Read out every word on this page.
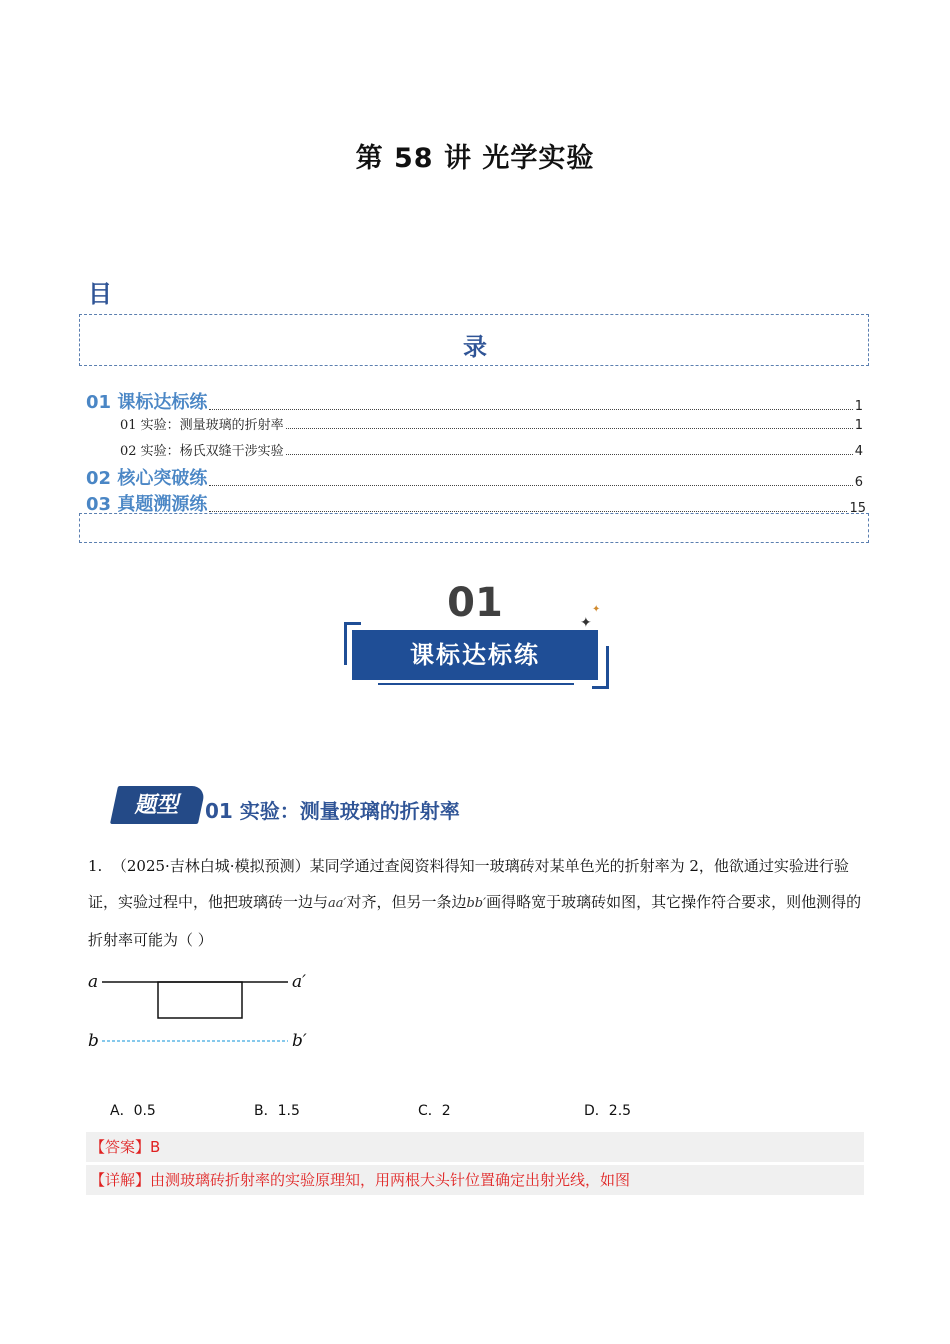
第 58 讲 光学实验
目
录
01 课标达标练	1
01 实验：测量玻璃的折射率	1
02 实验：杨氏双缝干涉实验	4
02 核心突破练	6
03 真题溯源练	15
01
课标达标练
✦
✦
题型	01 实验：测量玻璃的折射率
1. （2025·吉林白城·模拟预测）某同学通过查阅资料得知一玻璃砖对某单色光的折射率为 2，他欲通过实验进行验证，实验过程中，他把玻璃砖一边与aa′对齐，但另一条边bb′画得略宽于玻璃砖如图，其它操作符合要求，则他测得的折射率可能为（ ）
a	a′
b	b′
A．0.5	B．1.5	C．2	D．2.5
【答案】B
【详解】由测玻璃砖折射率的实验原理知，用两根大头针位置确定出射光线，如图
